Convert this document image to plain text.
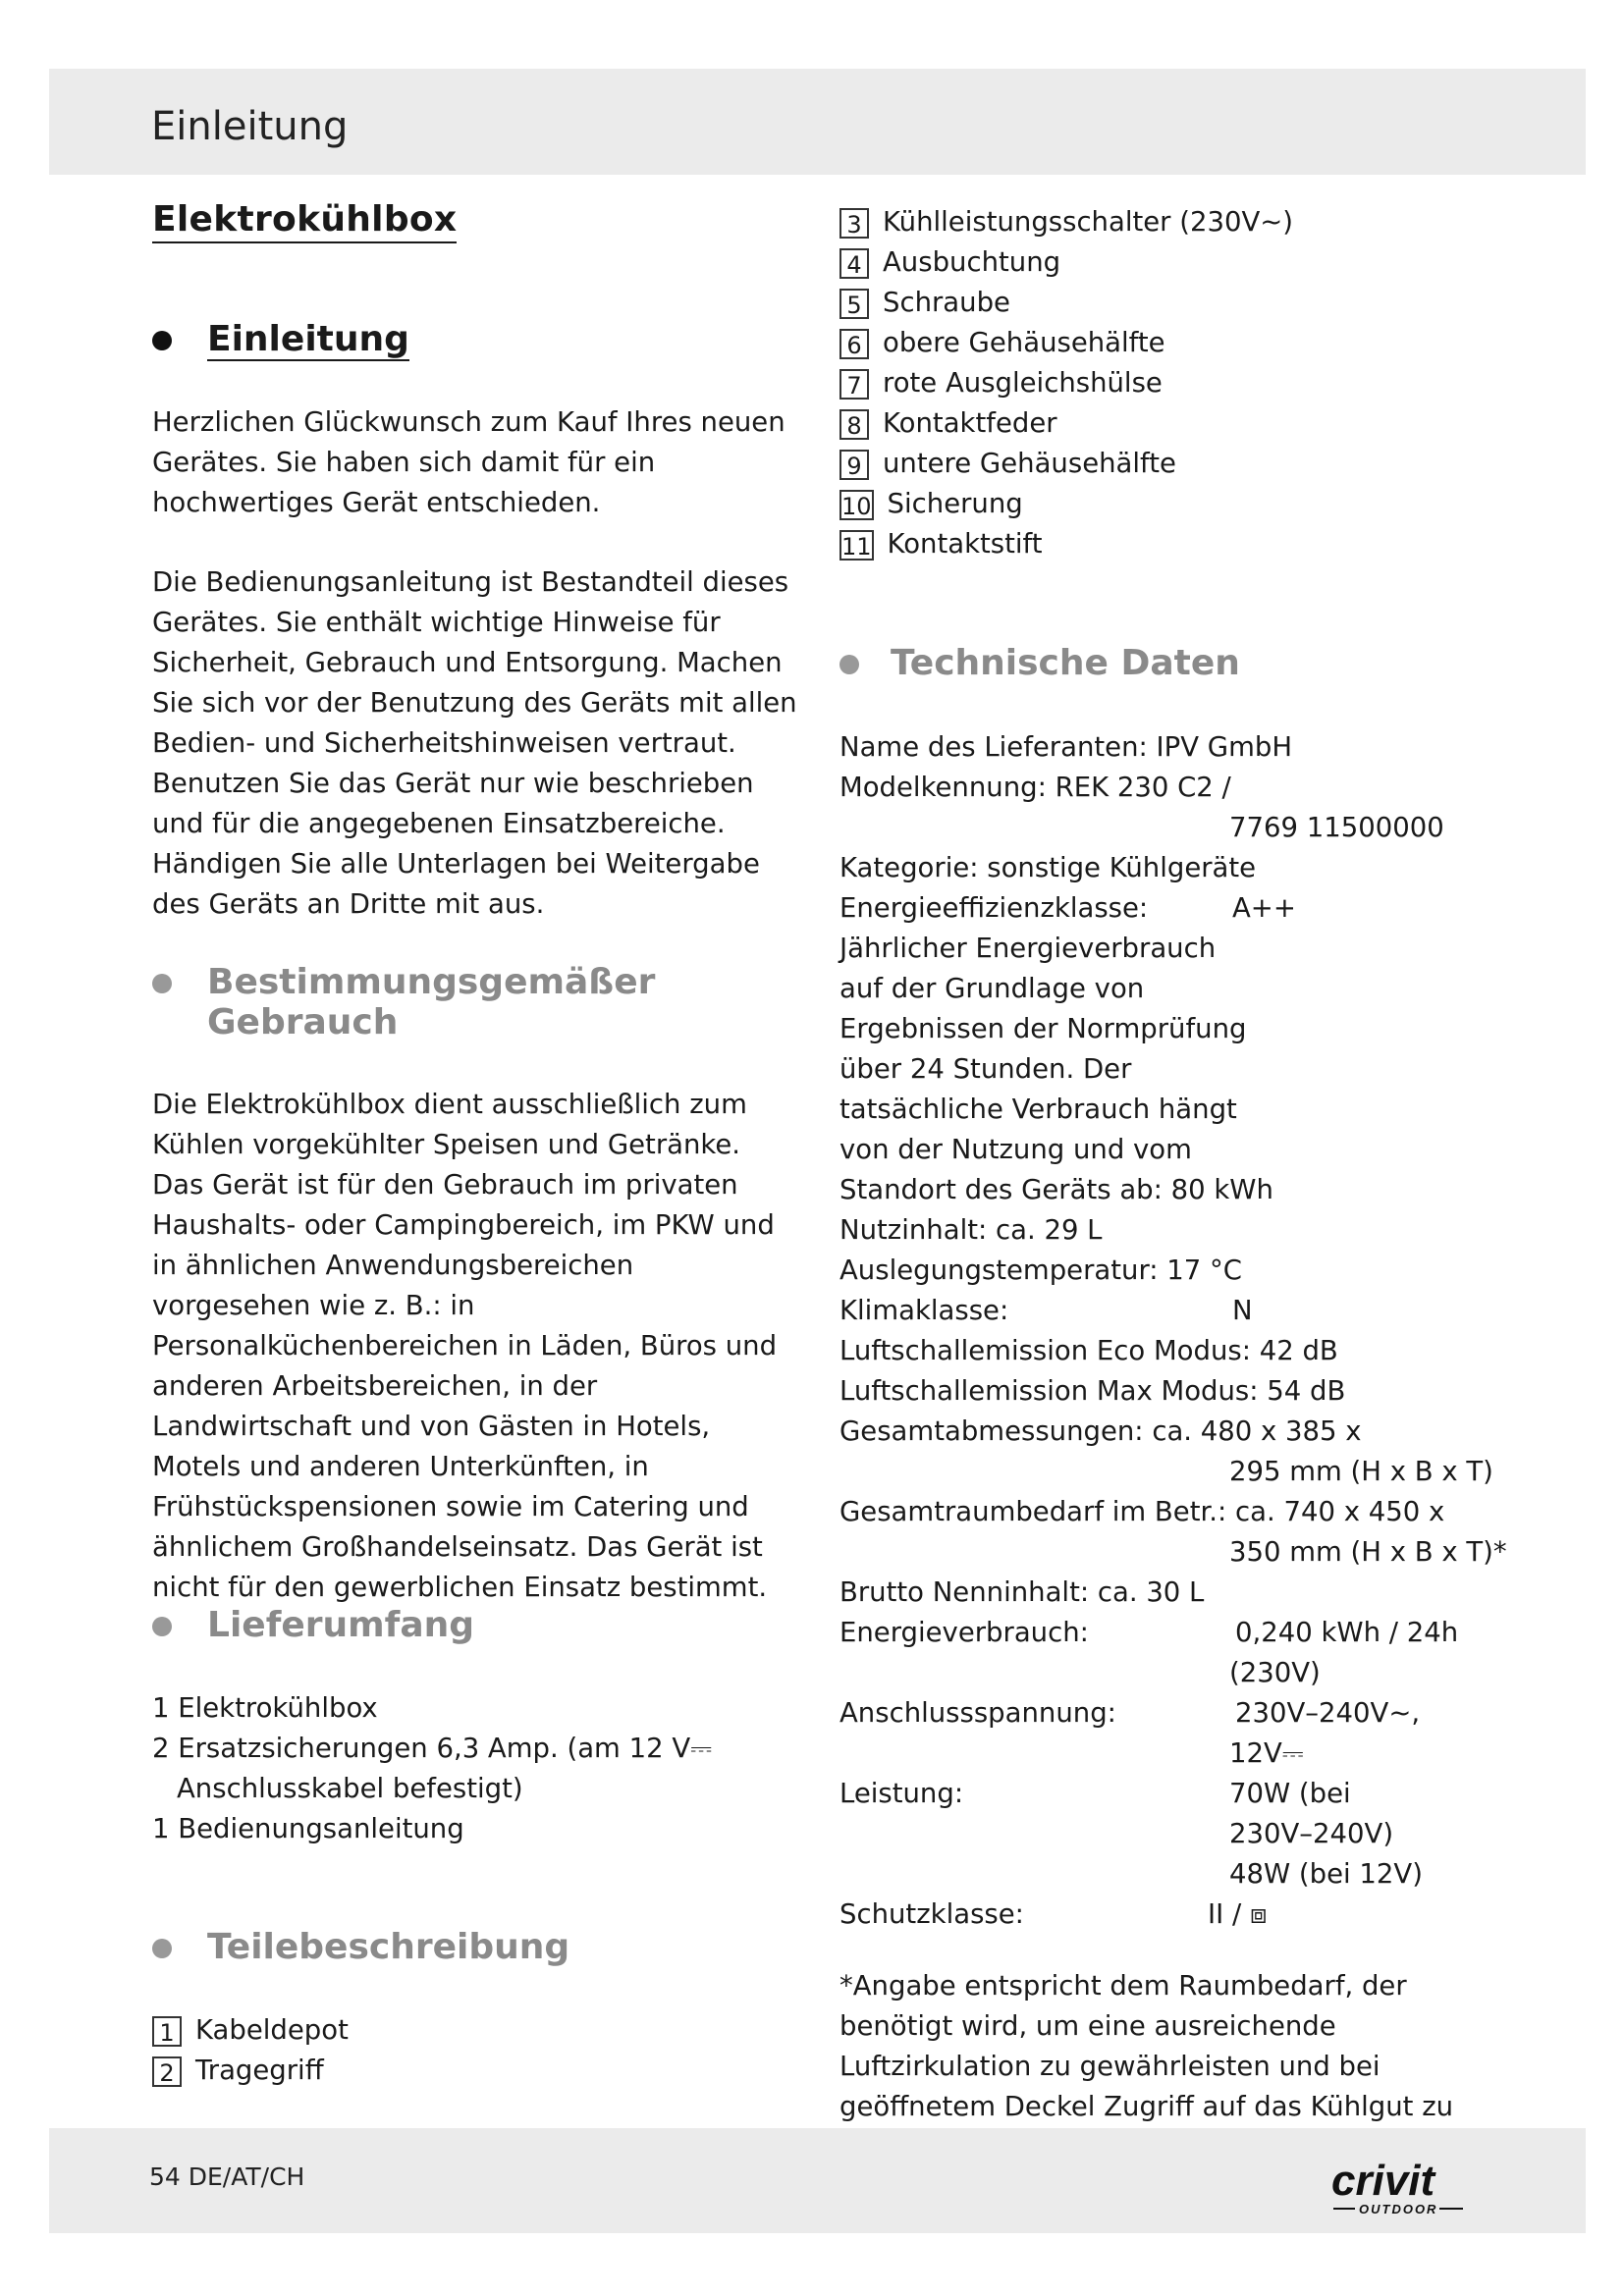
Einleitung
Elektrokühlbox
Einleitung

Herzlichen Glückwunsch zum Kauf Ihres neuen Gerätes. Sie haben sich damit für ein hochwertiges Gerät entschieden.

Die Bedienungsanleitung ist Bestandteil dieses Gerätes. Sie enthält wichtige Hinweise für Sicherheit, Gebrauch und Entsorgung. Machen Sie sich vor der Benutzung des Geräts mit allen Bedien- und Sicherheitshinweisen vertraut. Benutzen Sie das Gerät nur wie beschrieben und für die angegebenen Einsatzbereiche. Händigen Sie alle Unterlagen bei Weitergabe des Geräts an Dritte mit aus.

Bestimmungsgemäßer
Gebrauch

Die Elektrokühlbox dient ausschließlich zum Kühlen vorgekühlter Speisen und Getränke. Das Gerät ist für den Gebrauch im privaten Haushalts- oder Campingbereich, im PKW und in ähnlichen Anwendungsbereichen vorgesehen wie z. B.: in Personalküchenbereichen in Läden, Büros und anderen Arbeitsbereichen, in der Landwirtschaft und von Gästen in Hotels, Motels und anderen Unterkünften, in Frühstückspensionen sowie im Catering und ähnlichem Großhandelseinsatz. Das Gerät ist nicht für den gewerblichen Einsatz bestimmt.

Lieferumfang
1 Elektrokühlbox
2 Ersatzsicherungen 6,3 Amp. (am 12 V⎓
Anschlusskabel befestigt)
1 Bedienungsanleitung
Teilebeschreibung
1 Kabeldepot
2 Tragegriff
3 Kühlleistungsschalter (230V~)
4 Ausbuchtung
5 Schraube
6 obere Gehäusehälfte
7 rote Ausgleichshülse
8 Kontaktfeder
9 untere Gehäusehälfte
10 Sicherung
11 Kontaktstift
Technische Daten
Name des Lieferanten: IPV GmbH
Modelkennung: REK 230 C2 /
7769 11500000
Kategorie: sonstige Kühlgeräte
Energieeffizienzklasse:	A++
Jährlicher Energieverbrauch
auf der Grundlage von
Ergebnissen der Normprüfung
über 24 Stunden. Der
tatsächliche Verbrauch hängt
von der Nutzung und vom
Standort des Geräts ab: 80 kWh
Nutzinhalt: ca. 29 L
Auslegungstemperatur: 17 °C
Klimaklasse:	N
Luftschallemission Eco Modus: 42 dB
Luftschallemission Max Modus: 54 dB
Gesamtabmessungen: ca. 480 x 385 x
295 mm (H x B x T)
Gesamtraumbedarf im Betr.: ca. 740 x 450 x
350 mm (H x B x T)*
Brutto Nenninhalt: ca. 30 L
Energieverbrauch:	0,240 kWh / 24h
(230V)
Anschlussspannung:	230V–240V~,
12V⎓
Leistung:	70W (bei
230V–240V)
48W (bei 12V)
Schutzklasse:	II / ⧈
*Angabe entspricht dem Raumbedarf, der benötigt wird, um eine ausreichende Luftzirkulation zu gewährleisten und bei geöffnetem Deckel Zugriff auf das Kühlgut zu
54 DE/AT/CH	crivit
OUTDOOR
